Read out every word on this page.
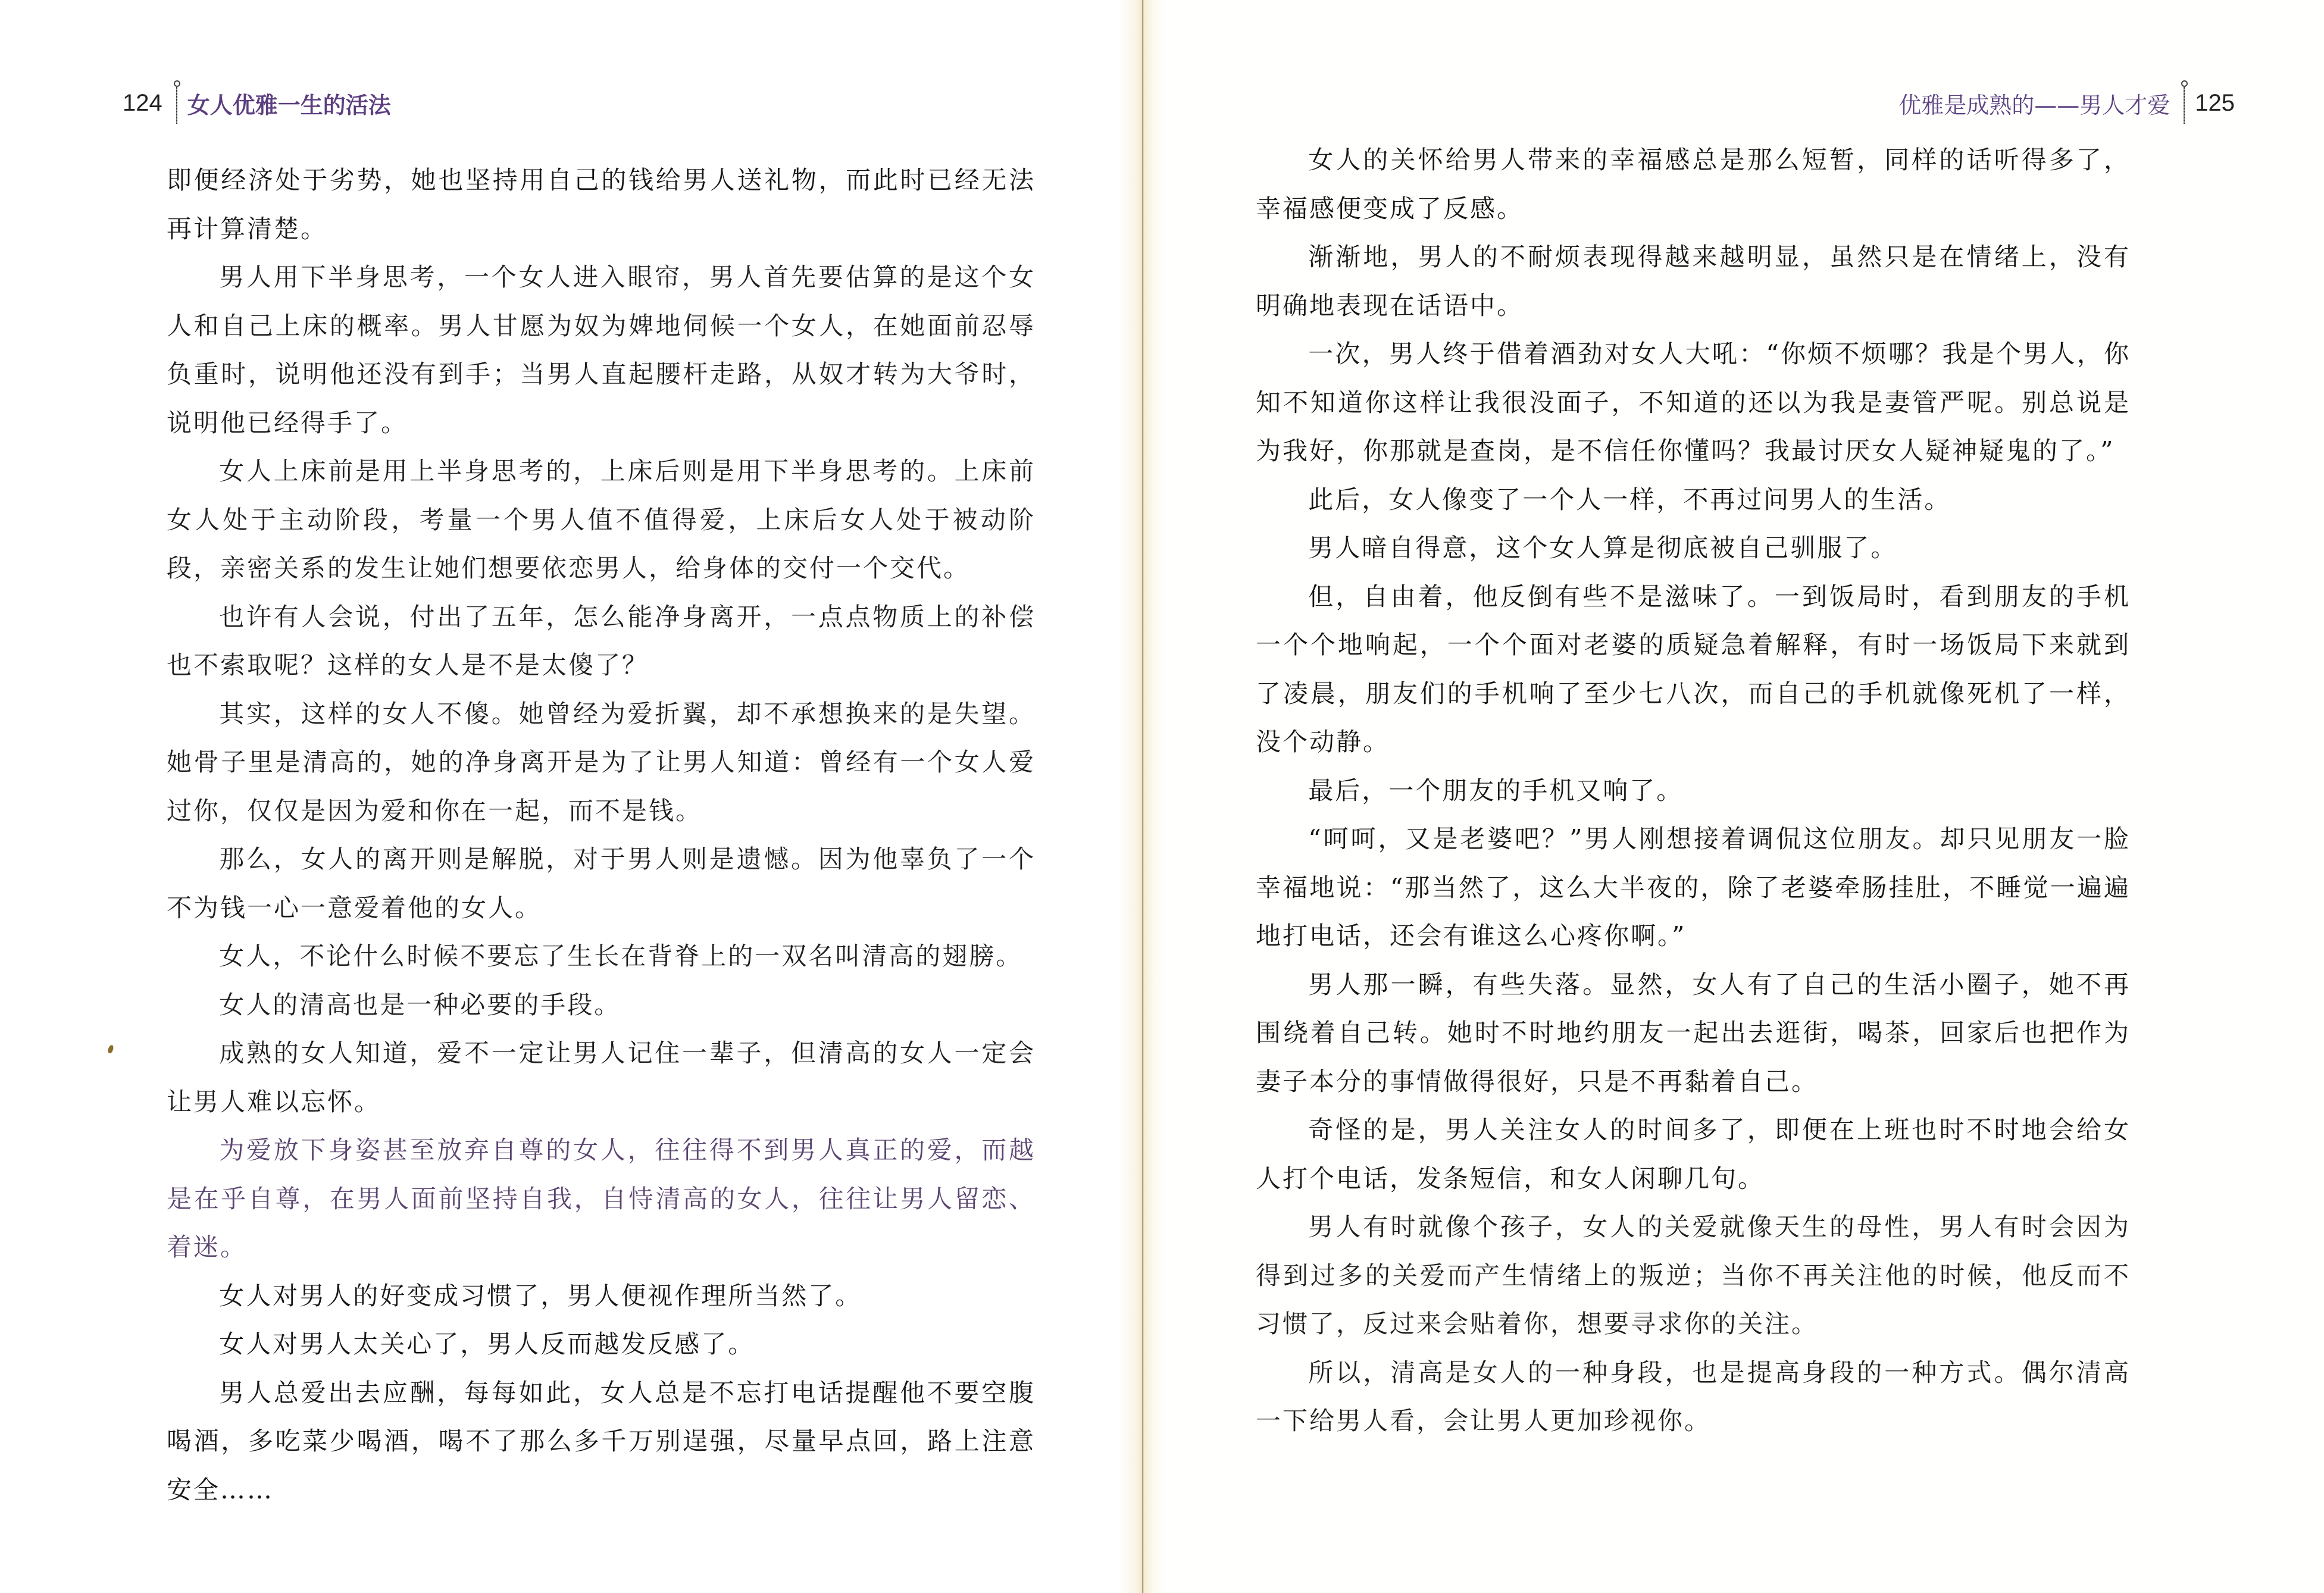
124 女人优雅一生的活法

即便经济处于劣势，她也坚持用自己的钱给男人送礼物，而此时已经无法再计算清楚。

男人用下半身思考，一个女人进入眼帘，男人首先要估算的是这个女人和自己上床的概率。男人甘愿为奴为婢地伺候一个女人，在她面前忍辱负重时，说明他还没有到手；当男人直起腰杆走路，从奴才转为大爷时，说明他已经得手了。

女人上床前是用上半身思考的，上床后则是用下半身思考的。上床前女人处于主动阶段，考量一个男人值不值得爱，上床后女人处于被动阶段，亲密关系的发生让她们想要依恋男人，给身体的交付一个交代。

也许有人会说，付出了五年，怎么能净身离开，一点点物质上的补偿也不索取呢？这样的女人是不是太傻了？

其实，这样的女人不傻。她曾经为爱折翼，却不承想换来的是失望。她骨子里是清高的，她的净身离开是为了让男人知道：曾经有一个女人爱过你，仅仅是因为爱和你在一起，而不是钱。

那么，女人的离开则是解脱，对于男人则是遗憾。因为他辜负了一个不为钱一心一意爱着他的女人。

女人，不论什么时候不要忘了生长在背脊上的一双名叫清高的翅膀。

女人的清高也是一种必要的手段。

成熟的女人知道，爱不一定让男人记住一辈子，但清高的女人一定会让男人难以忘怀。

为爱放下身姿甚至放弃自尊的女人，往往得不到男人真正的爱，而越是在乎自尊，在男人面前坚持自我，自恃清高的女人，往往让男人留恋、着迷。

女人对男人的好变成习惯了，男人便视作理所当然了。

女人对男人太关心了，男人反而越发反感了。

男人总爱出去应酬，每每如此，女人总是不忘打电话提醒他不要空腹喝酒，多吃菜少喝酒，喝不了那么多千万别逞强，尽量早点回，路上注意安全……

优雅是成熟的——男人才爱 125

女人的关怀给男人带来的幸福感总是那么短暂，同样的话听得多了，幸福感便变成了反感。

渐渐地，男人的不耐烦表现得越来越明显，虽然只是在情绪上，没有明确地表现在话语中。

一次，男人终于借着酒劲对女人大吼：“你烦不烦哪？我是个男人，你知不知道你这样让我很没面子，不知道的还以为我是妻管严呢。别总说是为我好，你那就是查岗，是不信任你懂吗？我最讨厌女人疑神疑鬼的了。”

此后，女人像变了一个人一样，不再过问男人的生活。

男人暗自得意，这个女人算是彻底被自己驯服了。

但，自由着，他反倒有些不是滋味了。一到饭局时，看到朋友的手机一个个地响起，一个个面对老婆的质疑急着解释，有时一场饭局下来就到了凌晨，朋友们的手机响了至少七八次，而自己的手机就像死机了一样，没个动静。

最后，一个朋友的手机又响了。

“呵呵，又是老婆吧？”男人刚想接着调侃这位朋友。却只见朋友一脸幸福地说：“那当然了，这么大半夜的，除了老婆牵肠挂肚，不睡觉一遍遍地打电话，还会有谁这么心疼你啊。”

男人那一瞬，有些失落。显然，女人有了自己的生活小圈子，她不再围绕着自己转。她时不时地约朋友一起出去逛街，喝茶，回家后也把作为妻子本分的事情做得很好，只是不再黏着自己。

奇怪的是，男人关注女人的时间多了，即便在上班也时不时地会给女人打个电话，发条短信，和女人闲聊几句。

男人有时就像个孩子，女人的关爱就像天生的母性，男人有时会因为得到过多的关爱而产生情绪上的叛逆；当你不再关注他的时候，他反而不习惯了，反过来会贴着你，想要寻求你的关注。

所以，清高是女人的一种身段，也是提高身段的一种方式。偶尔清高一下给男人看，会让男人更加珍视你。
